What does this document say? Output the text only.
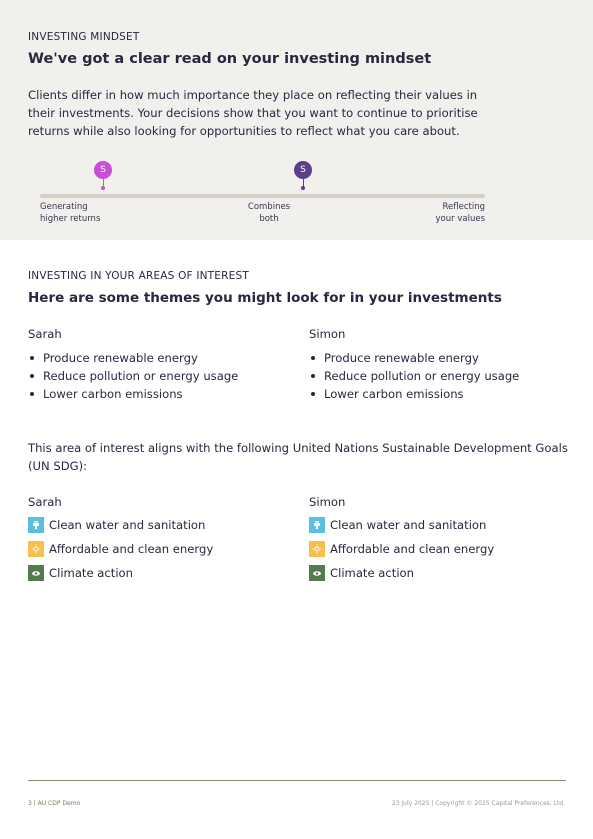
INVESTING MINDSET
We've got a clear read on your investing mindset

Clients differ in how much importance they place on reflecting their values in their investments. Your decisions show that you want to continue to prioritise returns while also looking for opportunities to reflect what you care about.

S	S
Generating
higher returns
Combines
both
Reflecting
your values
INVESTING IN YOUR AREAS OF INTEREST
Here are some themes you might look for in your investments
Sarah
Produce renewable energy
Reduce pollution or energy usage
Lower carbon emissions
Simon
Produce renewable energy
Reduce pollution or energy usage
Lower carbon emissions

This area of interest aligns with the following United Nations Sustainable Development Goals (UN SDG):

Sarah
Clean water and sanitation
Affordable and clean energy
Climate action
Simon
Clean water and sanitation
Affordable and clean energy
Climate action
3 | AU CDP Demo	23 July 2025 | Copyright © 2025 Capital Preferences, Ltd.
